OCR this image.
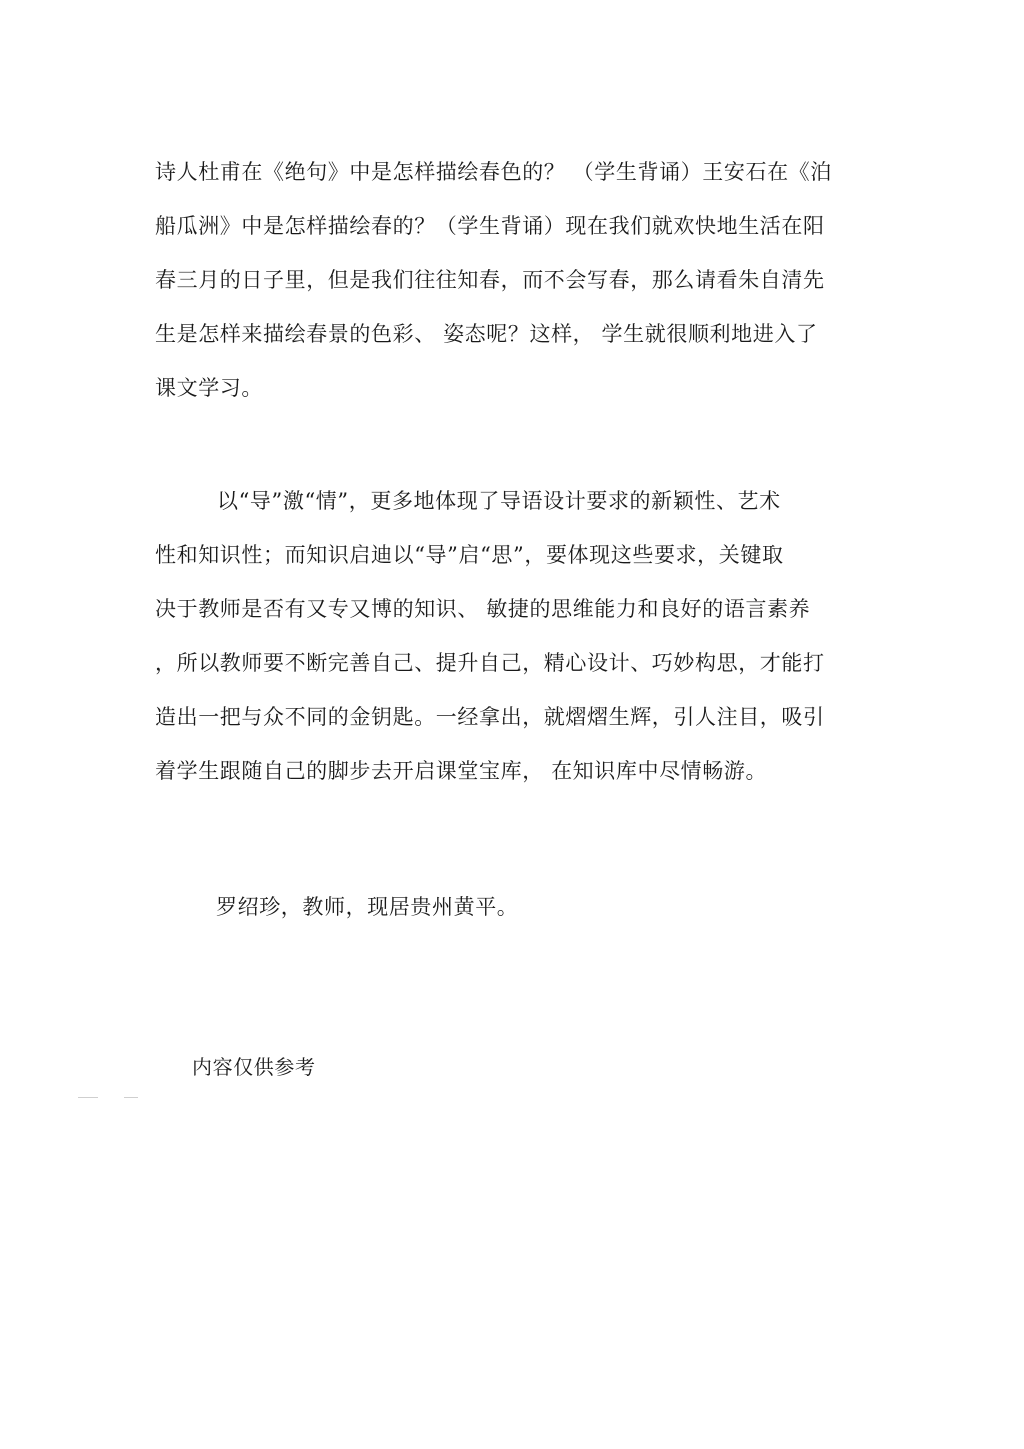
诗人杜甫在《绝句》中是怎样描绘春色的？ （学生背诵）王安石在《泊
船瓜洲》中是怎样描绘春的？（学生背诵）现在我们就欢快地生活在阳
春三月的日子里，但是我们往往知春，而不会写春，那么请看朱自清先
生是怎样来描绘春景的色彩、 姿态呢？这样， 学生就很顺利地进入了
课文学习。

以“导”激“情”，更多地体现了导语设计要求的新颖性、艺术
性和知识性；而知识启迪以“导”启“思”，要体现这些要求，关键取
决于教师是否有又专又博的知识、 敏捷的思维能力和良好的语言素养
，所以教师要不断完善自己、提升自己，精心设计、巧妙构思，才能打
造出一把与众不同的金钥匙。一经拿出，就熠熠生辉，引人注目，吸引
着学生跟随自己的脚步去开启课堂宝库， 在知识库中尽情畅游。

罗绍珍，教师，现居贵州黄平。

内容仅供参考
